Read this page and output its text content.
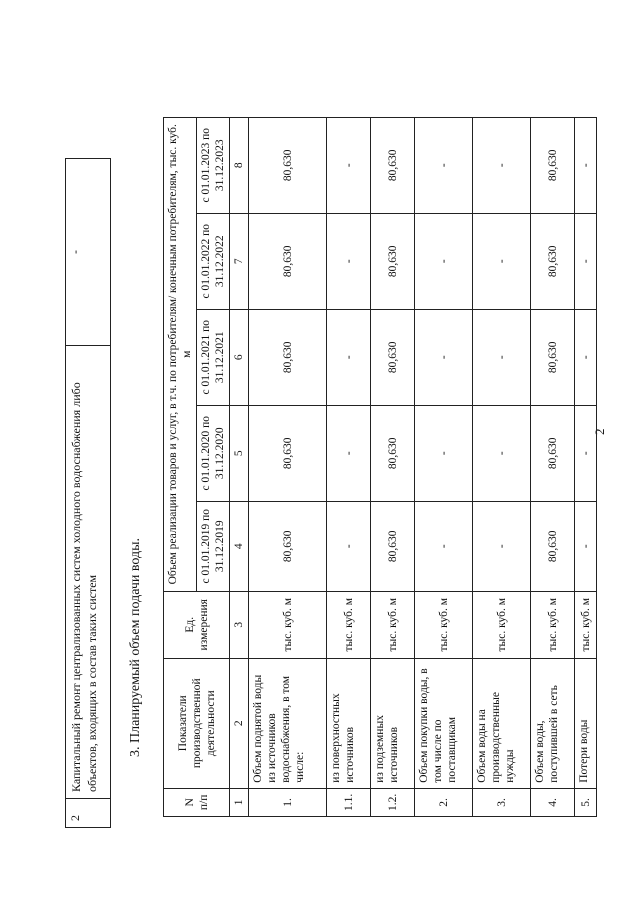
2
2	Капитальный ремонт централизованных систем холодного водоснабжения либо объектов, входящих в состав таких систем	-
3. Планируемый объем подачи воды.
N п/п	Показатели производственной деятельности	Ед. измерения	Объем реализации товаров и услуг, в т.ч. по потребителям/ конечным потребителям, тыс. куб. м				
			с 01.01.2019 по 31.12.2019	с 01.01.2020 по 31.12.2020	с 01.01.2021 по 31.12.2021	с 01.01.2022 по 31.12.2022	с 01.01.2023 по 31.12.2023
1	2	3	4	5	6	7	8
1.	Объем поднятой воды из источников водоснабжения, в том числе:	тыс. куб. м	80,630	80,630	80,630	80,630	80,630
1.1.	из поверхностных источников	тыс. куб. м	-	-	-	-	-
1.2.	из подземных источников	тыс. куб. м	80,630	80,630	80,630	80,630	80,630
2.	Объем покупки воды, в том числе по поставщикам	тыс. куб. м	-	-	-	-	-
3.	Объем воды на производственные нужды	тыс. куб. м	-	-	-	-	-
4.	Объем воды, поступившей в сеть	тыс. куб. м	80,630	80,630	80,630	80,630	80,630
5.	Потери воды	тыс. куб. м	-	-	-	-	-
